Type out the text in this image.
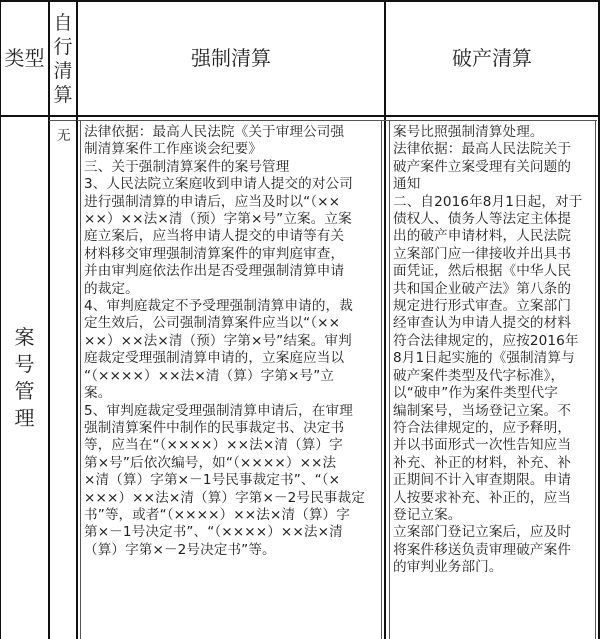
类型
自
行
清
算
强制清算	破产清算
案
号
管
理
无 法律依据：最高人民法院《关于审理公司强
制清算案件工作座谈会纪要》
三、关于强制清算案件的案号管理
3、人民法院立案庭收到申请人提交的对公司
进行强制清算的申请后，应当及时以“（××
××）××法×清（预）字第×号”立案。立案
庭立案后，应当将申请人提交的申请等有关
材料移交审理强制清算案件的审判庭审查，
并由审判庭依法作出是否受理强制清算申请
的裁定。
4、审判庭裁定不予受理强制清算申请的，裁
定生效后，公司强制清算案件应当以“（××
××）××法×清（预）字第×号”结案。审判
庭裁定受理强制清算申请的，立案庭应当以
“（××××）××法×清（算）字第×号”立
案。
5、审判庭裁定受理强制清算申请后，在审理
强制清算案件中制作的民事裁定书、决定书
等，应当在“（××××）××法×清（算）字
第×号”后依次编号，如“（××××）××法
×清（算）字第×－1号民事裁定书”、“（×
×××）××法×清（算）字第×－2号民事裁定
书”等，或者“（××××）××法×清（算）字
第×－1号决定书”、“（××××）××法×清
（算）字第×－2号决定书”等。
案号比照强制清算处理。
法律依据：最高人民法院关于
破产案件立案受理有关问题的
通知
二、自2016年8月1日起，对于
债权人、债务人等法定主体提
出的破产申请材料，人民法院
立案部门应一律接收并出具书
面凭证，然后根据《中华人民
共和国企业破产法》第八条的
规定进行形式审查。立案部门
经审查认为申请人提交的材料
符合法律规定的，应按2016年
8月1日起实施的《强制清算与
破产案件类型及代字标准》，
以“破申”作为案件类型代字
编制案号，当场登记立案。不
符合法律规定的，应予释明，
并以书面形式一次性告知应当
补充、补正的材料，补充、补
正期间不计入审查期限。申请
人按要求补充、补正的，应当
登记立案。
立案部门登记立案后，应及时
将案件移送负责审理破产案件
的审判业务部门。
